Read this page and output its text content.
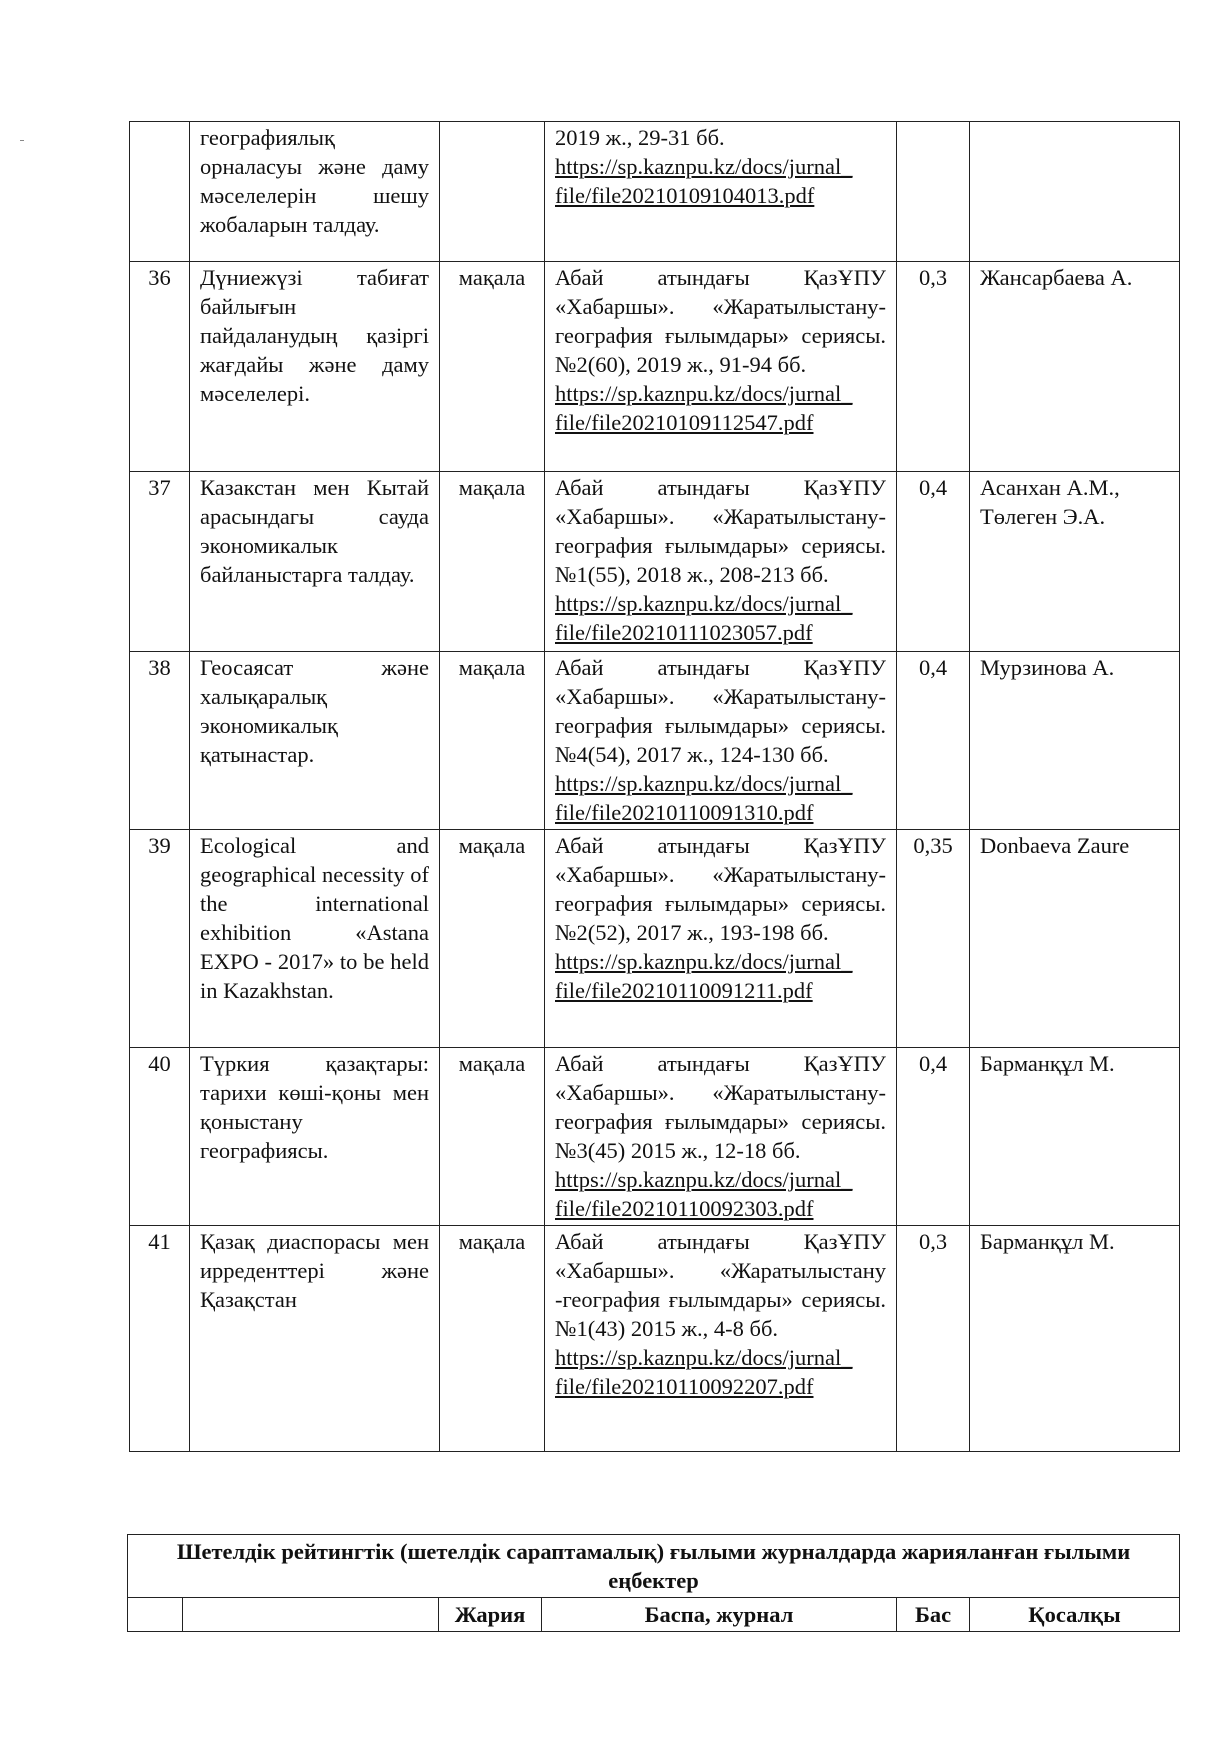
	географиялық орналасуы және даму мәселелерін шешу жобаларын талдау.		2019 ж., 29-31 бб.
https://sp.kaznpu.kz/docs/jurnal_
file/file20210109104013.pdf		

36	Дүниежүзі табиғат байлығын пайдаланудың қазіргі жағдайы және даму мәселелері.	мақала	Абай атындағы ҚазҰПУ «Хабаршы». «Жаратылыстану-география ғылымдары» сериясы. №2(60), 2019 ж., 91-94 бб.
https://sp.kaznpu.kz/docs/jurnal_
file/file20210109112547.pdf	0,3	Жансарбаева А.
37	Казакстан мен Кытай арасындагы сауда экономикалык байланыстарга талдау.	мақала	Абай атындағы ҚазҰПУ «Хабаршы». «Жаратылыстану-география ғылымдары» сериясы. №1(55), 2018 ж., 208-213 бб.
https://sp.kaznpu.kz/docs/jurnal_
file/file20210111023057.pdf	0,4	Асанхан А.М., Төлеген Э.А.
38	Геосаясат және халықаралық экономикалық қатынастар.	мақала	Абай атындағы ҚазҰПУ «Хабаршы». «Жаратылыстану-география ғылымдары» сериясы. №4(54), 2017 ж., 124-130 бб.
https://sp.kaznpu.kz/docs/jurnal_
file/file20210110091310.pdf	0,4	Мурзинова А.
39	Ecological and geographical necessity of the international exhibition «Astana EXPO - 2017» to be held in Kazakhstan.	мақала	Абай атындағы ҚазҰПУ «Хабаршы». «Жаратылыстану-география ғылымдары» сериясы. №2(52), 2017 ж., 193-198 бб.
https://sp.kaznpu.kz/docs/jurnal_
file/file20210110091211.pdf	0,35	Donbaeva Zaure
40	Түркия қазақтары: тарихи көші-қоны мен қоныстану географиясы.	мақала	Абай атындағы ҚазҰПУ «Хабаршы». «Жаратылыстану-география ғылымдары» сериясы. №3(45) 2015 ж., 12-18 бб.
https://sp.kaznpu.kz/docs/jurnal_
file/file20210110092303.pdf	0,4	Барманқұл М.
41	Қазақ диаспорасы мен ирреденттері және Қазақстан	мақала	Абай атындағы ҚазҰПУ «Хабаршы». «Жаратылыстану -география ғылымдары» сериясы. №1(43) 2015 ж., 4-8 бб.
https://sp.kaznpu.kz/docs/jurnal_
file/file20210110092207.pdf	0,3	Барманқұл М.
Шетелдік рейтингтік (шетелдік сараптамалық) ғылыми журналдарда жарияланған ғылыми еңбектер
		Жария	Баспа, журнал	Бас	Қосалқы
